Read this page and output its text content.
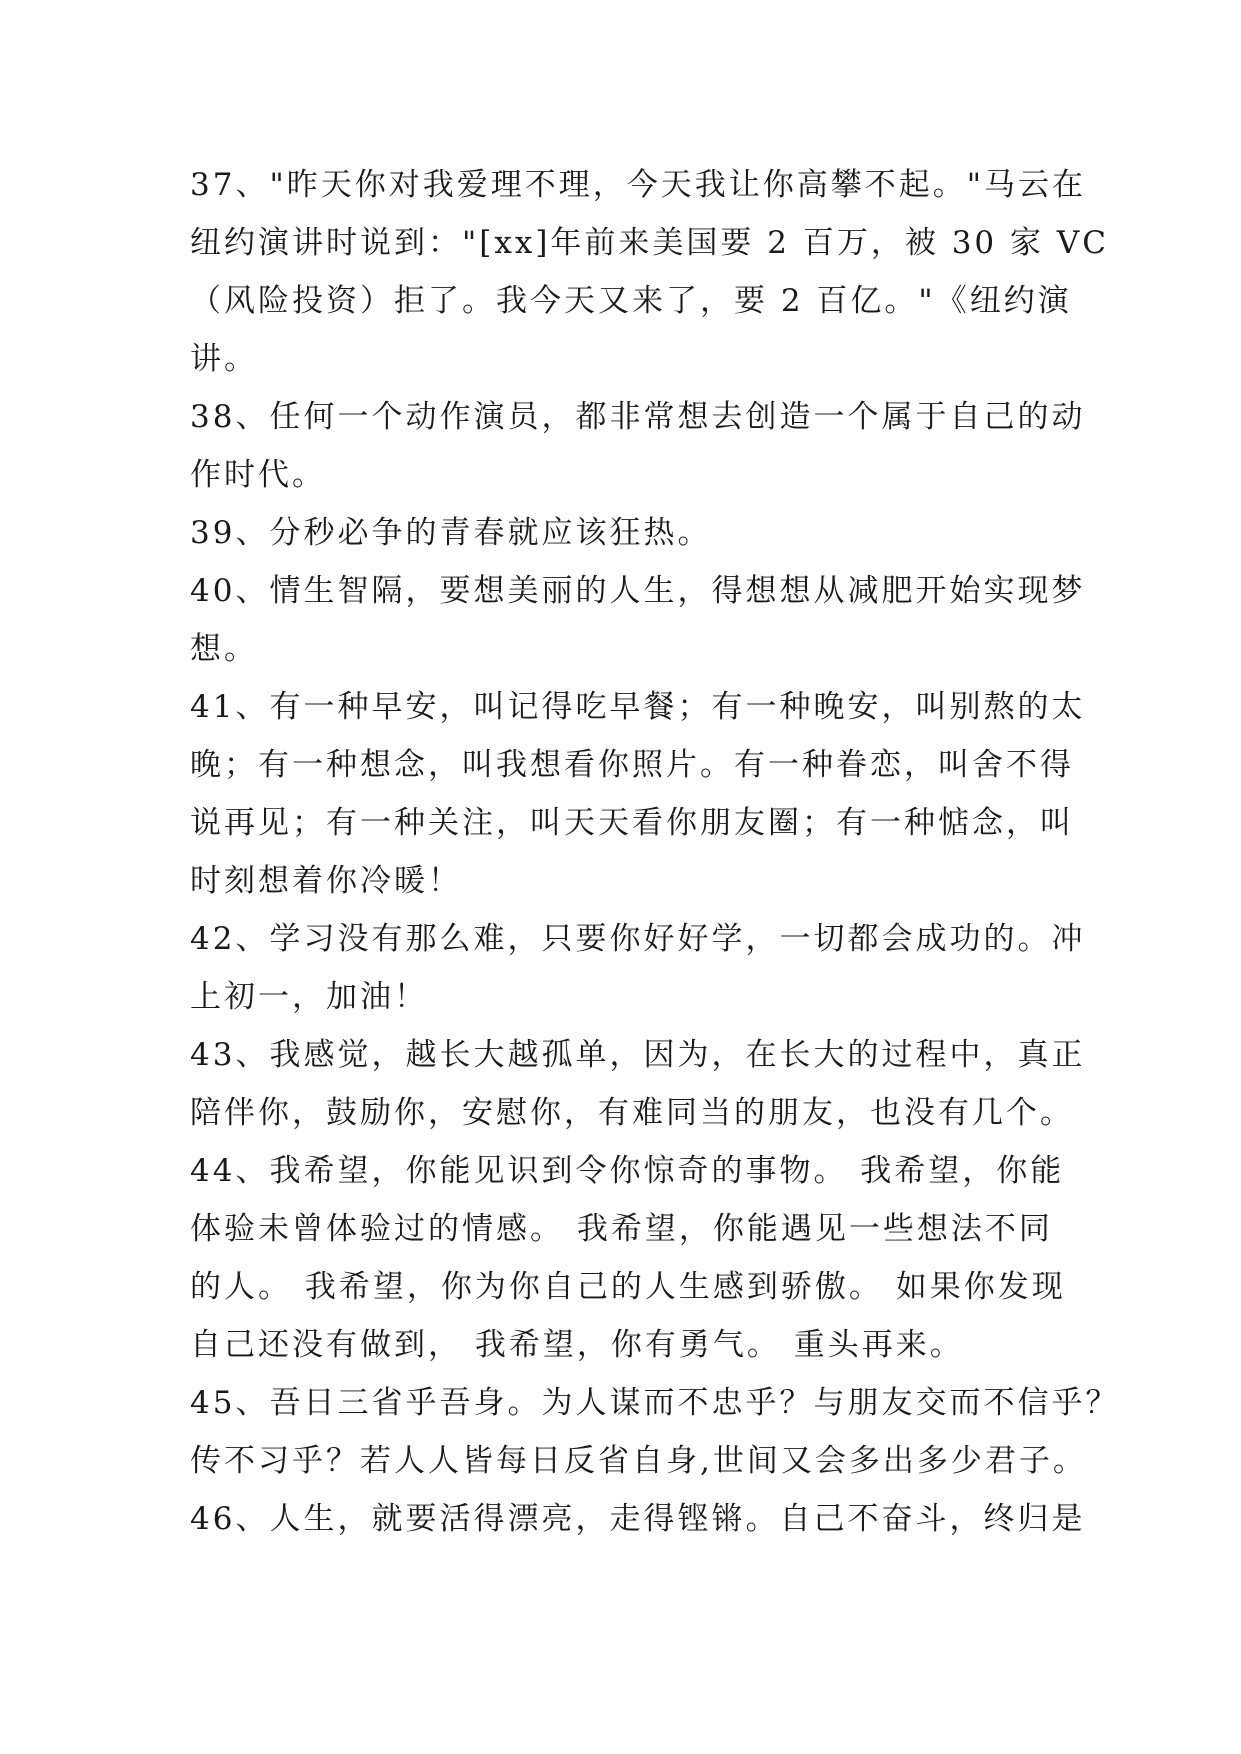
37、"昨天你对我爱理不理，今天我让你高攀不起。"马云在
纽约演讲时说到："[xx]年前来美国要 2 百万，被 30 家 VC
（风险投资）拒了。我今天又来了，要 2 百亿。"《纽约演
讲。
38、任何一个动作演员，都非常想去创造一个属于自己的动
作时代。
39、分秒必争的青春就应该狂热。
40、情生智隔，要想美丽的人生，得想想从减肥开始实现梦
想。
41、有一种早安，叫记得吃早餐；有一种晚安，叫别熬的太
晚；有一种想念，叫我想看你照片。有一种眷恋，叫舍不得
说再见；有一种关注，叫天天看你朋友圈；有一种惦念，叫
时刻想着你冷暖！
42、学习没有那么难，只要你好好学，一切都会成功的。冲
上初一，加油！
43、我感觉，越长大越孤单，因为，在长大的过程中，真正
陪伴你，鼓励你，安慰你，有难同当的朋友，也没有几个。
44、我希望，你能见识到令你惊奇的事物。 我希望，你能
体验未曾体验过的情感。 我希望，你能遇见一些想法不同
的人。 我希望，你为你自己的人生感到骄傲。 如果你发现
自己还没有做到， 我希望，你有勇气。 重头再来。
45、吾日三省乎吾身。为人谋而不忠乎？与朋友交而不信乎？
传不习乎？若人人皆每日反省自身,世间又会多出多少君子。
46、人生，就要活得漂亮，走得铿锵。自己不奋斗，终归是
